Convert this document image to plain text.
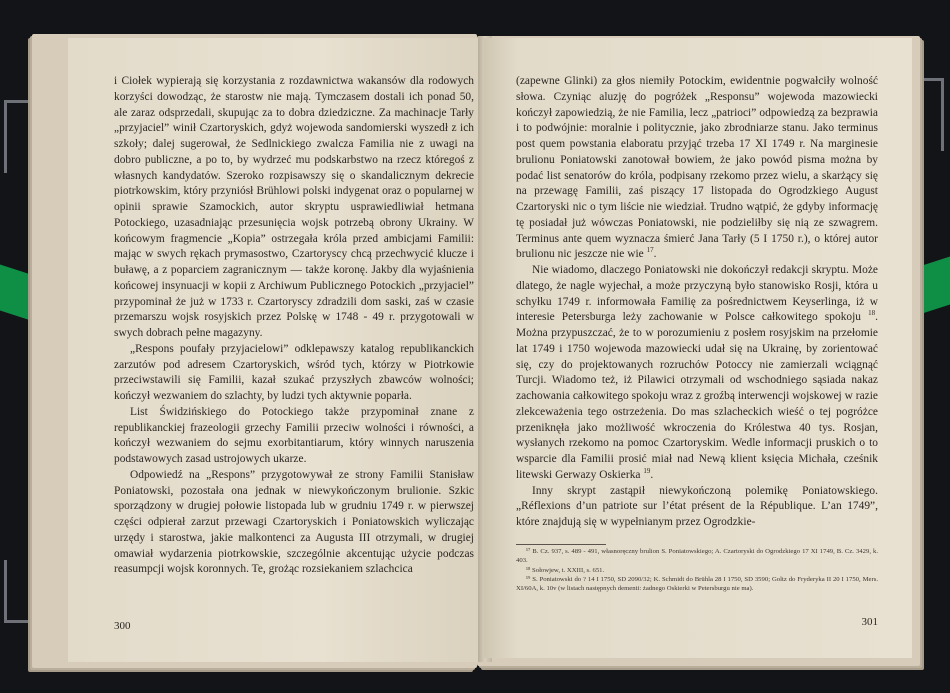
i Ciołek wypierają się korzystania z rozdawnictwa wakansów dla rodowych korzyści dowodząc, że starostw nie mają. Tymczasem dostali ich ponad 50, ale zaraz odsprzedali, skupując za to dobra dziedziczne. Za machinacje Tarły „przyjaciel” winił Czartoryskich, gdyż wojewoda sandomierski wyszedł z ich szkoły; dalej sugerował, że Sedlnickiego zwalcza Familia nie z uwagi na dobro publiczne, a po to, by wydrzeć mu podskarbstwo na rzecz któregoś z własnych kandydatów. Szeroko rozpisawszy się o skandalicznym dekrecie piotrkowskim, który przyniósł Brühlowi polski indygenat oraz o popularnej w opinii sprawie Szamockich, autor skryptu usprawiedliwiał hetmana Potockiego, uzasadniając przesunięcia wojsk potrzebą obrony Ukrainy. W końcowym fragmencie „Kopia” ostrzegała króla przed ambicjami Familii: mając w swych rękach prymasostwo, Czartoryscy chcą przechwycić klucze i buławę, a z poparciem zagranicznym — także koronę. Jakby dla wyjaśnienia końcowej insynuacji w kopii z Archiwum Publicznego Potockich „przyjaciel” przypominał że już w 1733 r. Czartoryscy zdradzili dom saski, zaś w czasie przemarszu wojsk rosyjskich przez Polskę w 1748 - 49 r. przygotowali w swych dobrach pełne magazyny.

„Respons poufały przyjacielowi” odklepawszy katalog republikanckich zarzutów pod adresem Czartoryskich, wśród tych, którzy w Piotrkowie przeciwstawili się Familii, kazał szukać przyszłych zbawców wolności; kończył wezwaniem do szlachty, by ludzi tych aktywnie poparła.

List Świdzińskiego do Potockiego także przypominał znane z republikanckiej frazeologii grzechy Familii przeciw wolności i równości, a kończył wezwaniem do sejmu exorbitantiarum, który winnych naruszenia podstawowych zasad ustrojowych ukarze.

Odpowiedź na „Respons” przygotowywał ze strony Familii Stanisław Poniatowski, pozostała ona jednak w niewykończonym brulionie. Szkic sporządzony w drugiej połowie listopada lub w grudniu 1749 r. w pierwszej części odpierał zarzut przewagi Czartoryskich i Poniatowskich wyliczając urzędy i starostwa, jakie malkontenci za Augusta III otrzymali, w drugiej omawiał wydarzenia piotrkowskie, szczególnie akcentując użycie podczas reasumpcji wojsk koronnych. Te, grożąc rozsiekaniem szlachcica

300

(zapewne Glinki) za głos niemiły Potockim, ewidentnie pogwałciły wolność słowa. Czyniąc aluzję do pogróżek „Responsu” wojewoda mazowiecki kończył zapowiedzią, że nie Familia, lecz „patrioci” odpowiedzą za bezprawia i to podwójnie: moralnie i politycznie, jako zbrodniarze stanu. Jako terminus post quem powstania elaboratu przyjąć trzeba 17 XI 1749 r. Na marginesie brulionu Poniatowski zanotował bowiem, że jako powód pisma można by podać list senatorów do króla, podpisany rzekomo przez wielu, a skarżący się na przewagę Familii, zaś piszący 17 listopada do Ogrodzkiego August Czartoryski nic o tym liście nie wiedział. Trudno wątpić, że gdyby informację tę posiadał już wówczas Poniatowski, nie podzieliłby się nią ze szwagrem. Terminus ante quem wyznacza śmierć Jana Tarły (5 I 1750 r.), o której autor brulionu nic jeszcze nie wie $^{17}$.

Nie wiadomo, dlaczego Poniatowski nie dokończył redakcji skryptu. Może dlatego, że nagle wyjechał, a może przyczyną było stanowisko Rosji, która u schyłku 1749 r. informowała Familię za pośrednictwem Keyserlinga, iż w interesie Petersburga leży zachowanie w Polsce całkowitego spokoju $^{18}$. Można przypuszczać, że to w porozumieniu z posłem rosyjskim na przełomie lat 1749 i 1750 wojewoda mazowiecki udał się na Ukrainę, by zorientować się, czy do projektowanych rozruchów Potoccy nie zamierzali wciągnąć Turcji. Wiadomo też, iż Pilawici otrzymali od wschodniego sąsiada nakaz zachowania całkowitego spokoju wraz z groźbą interwencji wojskowej w razie zlekceważenia tego ostrzeżenia. Do mas szlacheckich wieść o tej pogróżce przeniknęła jako możliwość wkroczenia do Królestwa 40 tys. Rosjan, wysłanych rzekomo na pomoc Czartoryskim. Wedle informacji pruskich o to wsparcie dla Familii prosić miał nad Newą klient księcia Michała, cześnik litewski Gerwazy Oskierka $^{19}$.

Inny skrypt zastąpił niewykończoną polemikę Poniatowskiego. „Réflexions d’un patriote sur l’état présent de la République. L’an 1749”, które znajdują się w wypełnianym przez Ogrodzkie-

¹⁷ B. Cz. 937, s. 489 - 491, własnoręczny brulion S. Poniatowskiego; A. Czartoryski do Ogrodzkiego 17 XI 1749, B. Cz. 3429, k. 403.

¹⁸ Sołowjew, t. XXIII, s. 651.

¹⁹ S. Poniatowski do ? 14 I 1750, SD 2090/32; K. Schmidt do Brühla 28 I 1750, SD 3590; Goltz do Fryderyka II 20 I 1750, Mers. XI/60A, k. 10v (w listach następnych dementi: żadnego Oskierki w Petersburgu nie ma).

301
